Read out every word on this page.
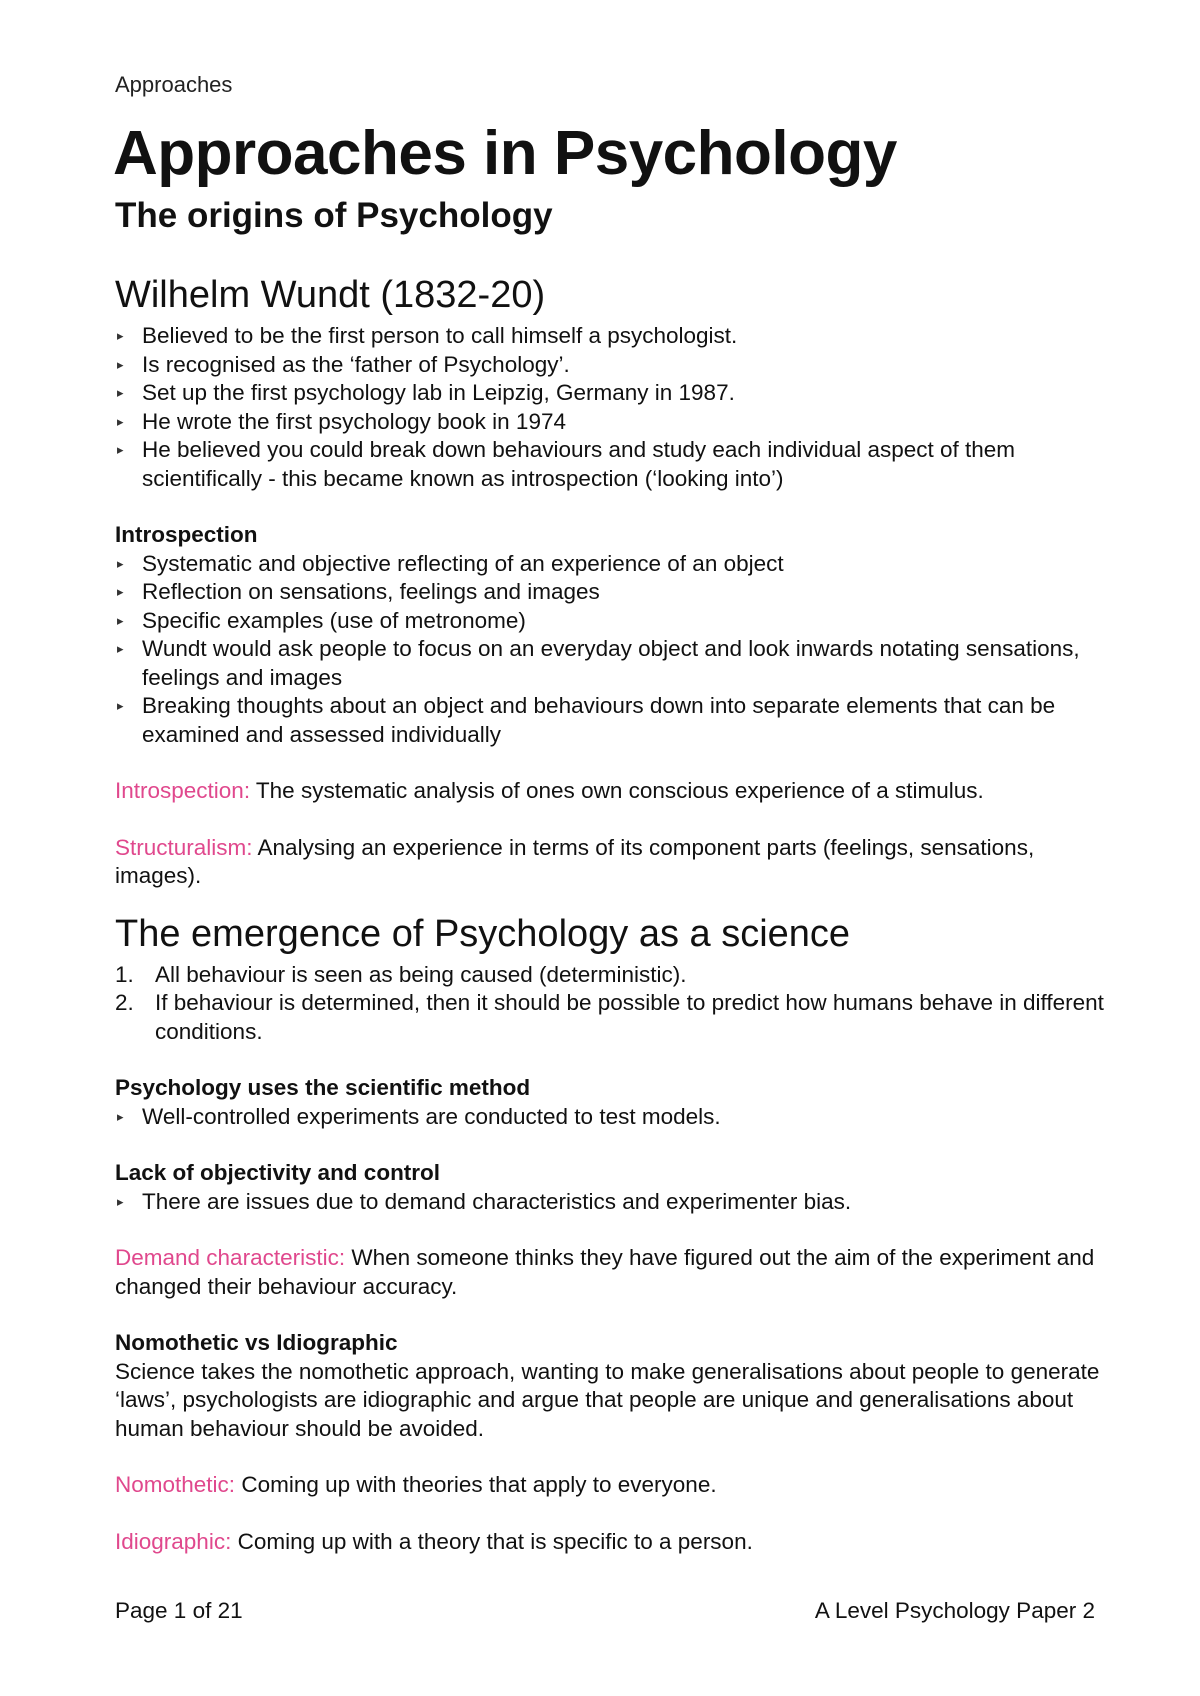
Approaches
Approaches in Psychology
The origins of Psychology
Wilhelm Wundt (1832-20)
▸ Believed to be the first person to call himself a psychologist.
▸ Is recognised as the ‘father of Psychology’.
▸ Set up the first psychology lab in Leipzig, Germany in 1987.
▸ He wrote the first psychology book in 1974
▸ He believed you could break down behaviours and study each individual aspect of them scientifically - this became known as introspection (‘looking into’)
Introspection
▸ Systematic and objective reflecting of an experience of an object
▸ Reflection on sensations, feelings and images
▸ Specific examples (use of metronome)
▸ Wundt would ask people to focus on an everyday object and look inwards notating sensations, feelings and images
▸ Breaking thoughts about an object and behaviours down into separate elements that can be examined and assessed individually

Introspection: The systematic analysis of ones own conscious experience of a stimulus.

Structuralism: Analysing an experience in terms of its component parts (feelings, sensations, images).

The emergence of Psychology as a science
1. All behaviour is seen as being caused (deterministic).
2. If behaviour is determined, then it should be possible to predict how humans behave in different conditions.
Psychology uses the scientific method
▸ Well-controlled experiments are conducted to test models.
Lack of objectivity and control
▸ There are issues due to demand characteristics and experimenter bias.

Demand characteristic: When someone thinks they have figured out the aim of the experiment and changed their behaviour accuracy.

Nomothetic vs Idiographic

Science takes the nomothetic approach, wanting to make generalisations about people to generate ‘laws’, psychologists are idiographic and argue that people are unique and generalisations about human behaviour should be avoided.

Nomothetic: Coming up with theories that apply to everyone.

Idiographic: Coming up with a theory that is specific to a person.

Page 1 of 21	A Level Psychology Paper 2
